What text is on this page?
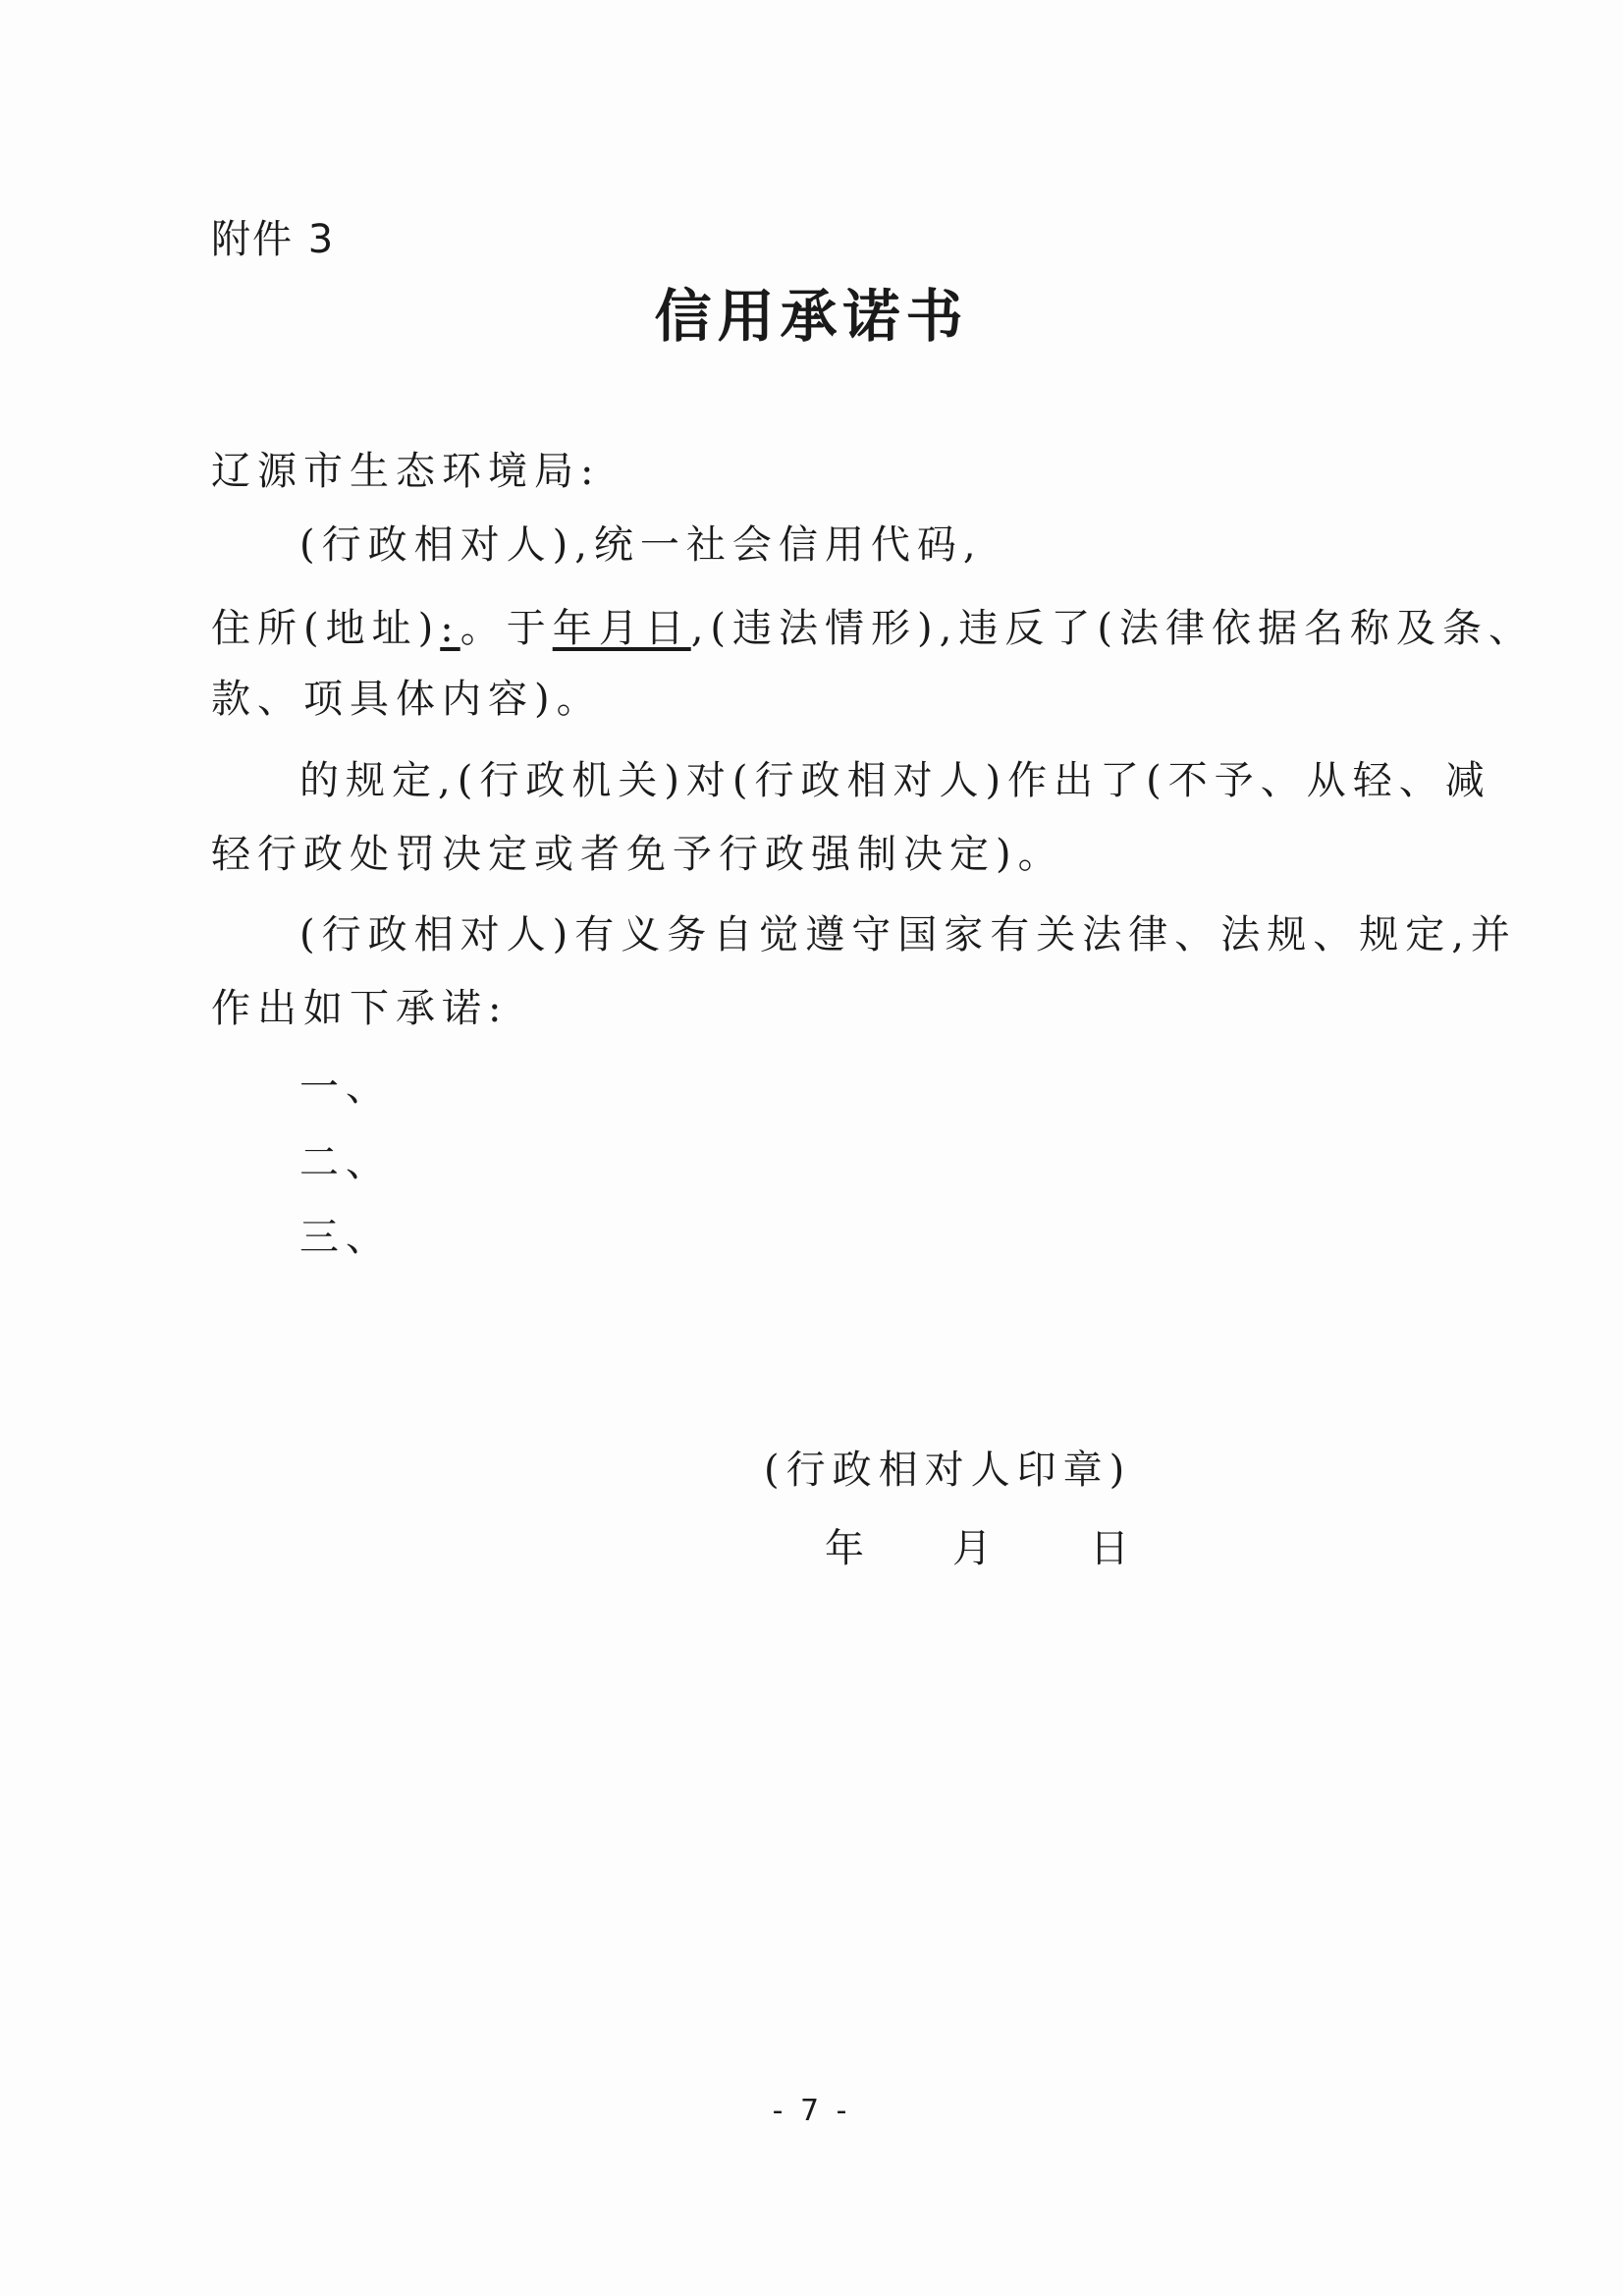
附件 3
信用承诺书
辽源市生态环境局:
(行政相对人),统一社会信用代码,
住所(地址):。于年月日,(违法情形),违反了(法律依据名称及条、
款、项具体内容)。
的规定,(行政机关)对(行政相对人)作出了(不予、从轻、减
轻行政处罚决定或者免予行政强制决定)。
(行政相对人)有义务自觉遵守国家有关法律、法规、规定,并
作出如下承诺:
一、
二、
三、
(行政相对人印章)
年 月	日
- 7 -
